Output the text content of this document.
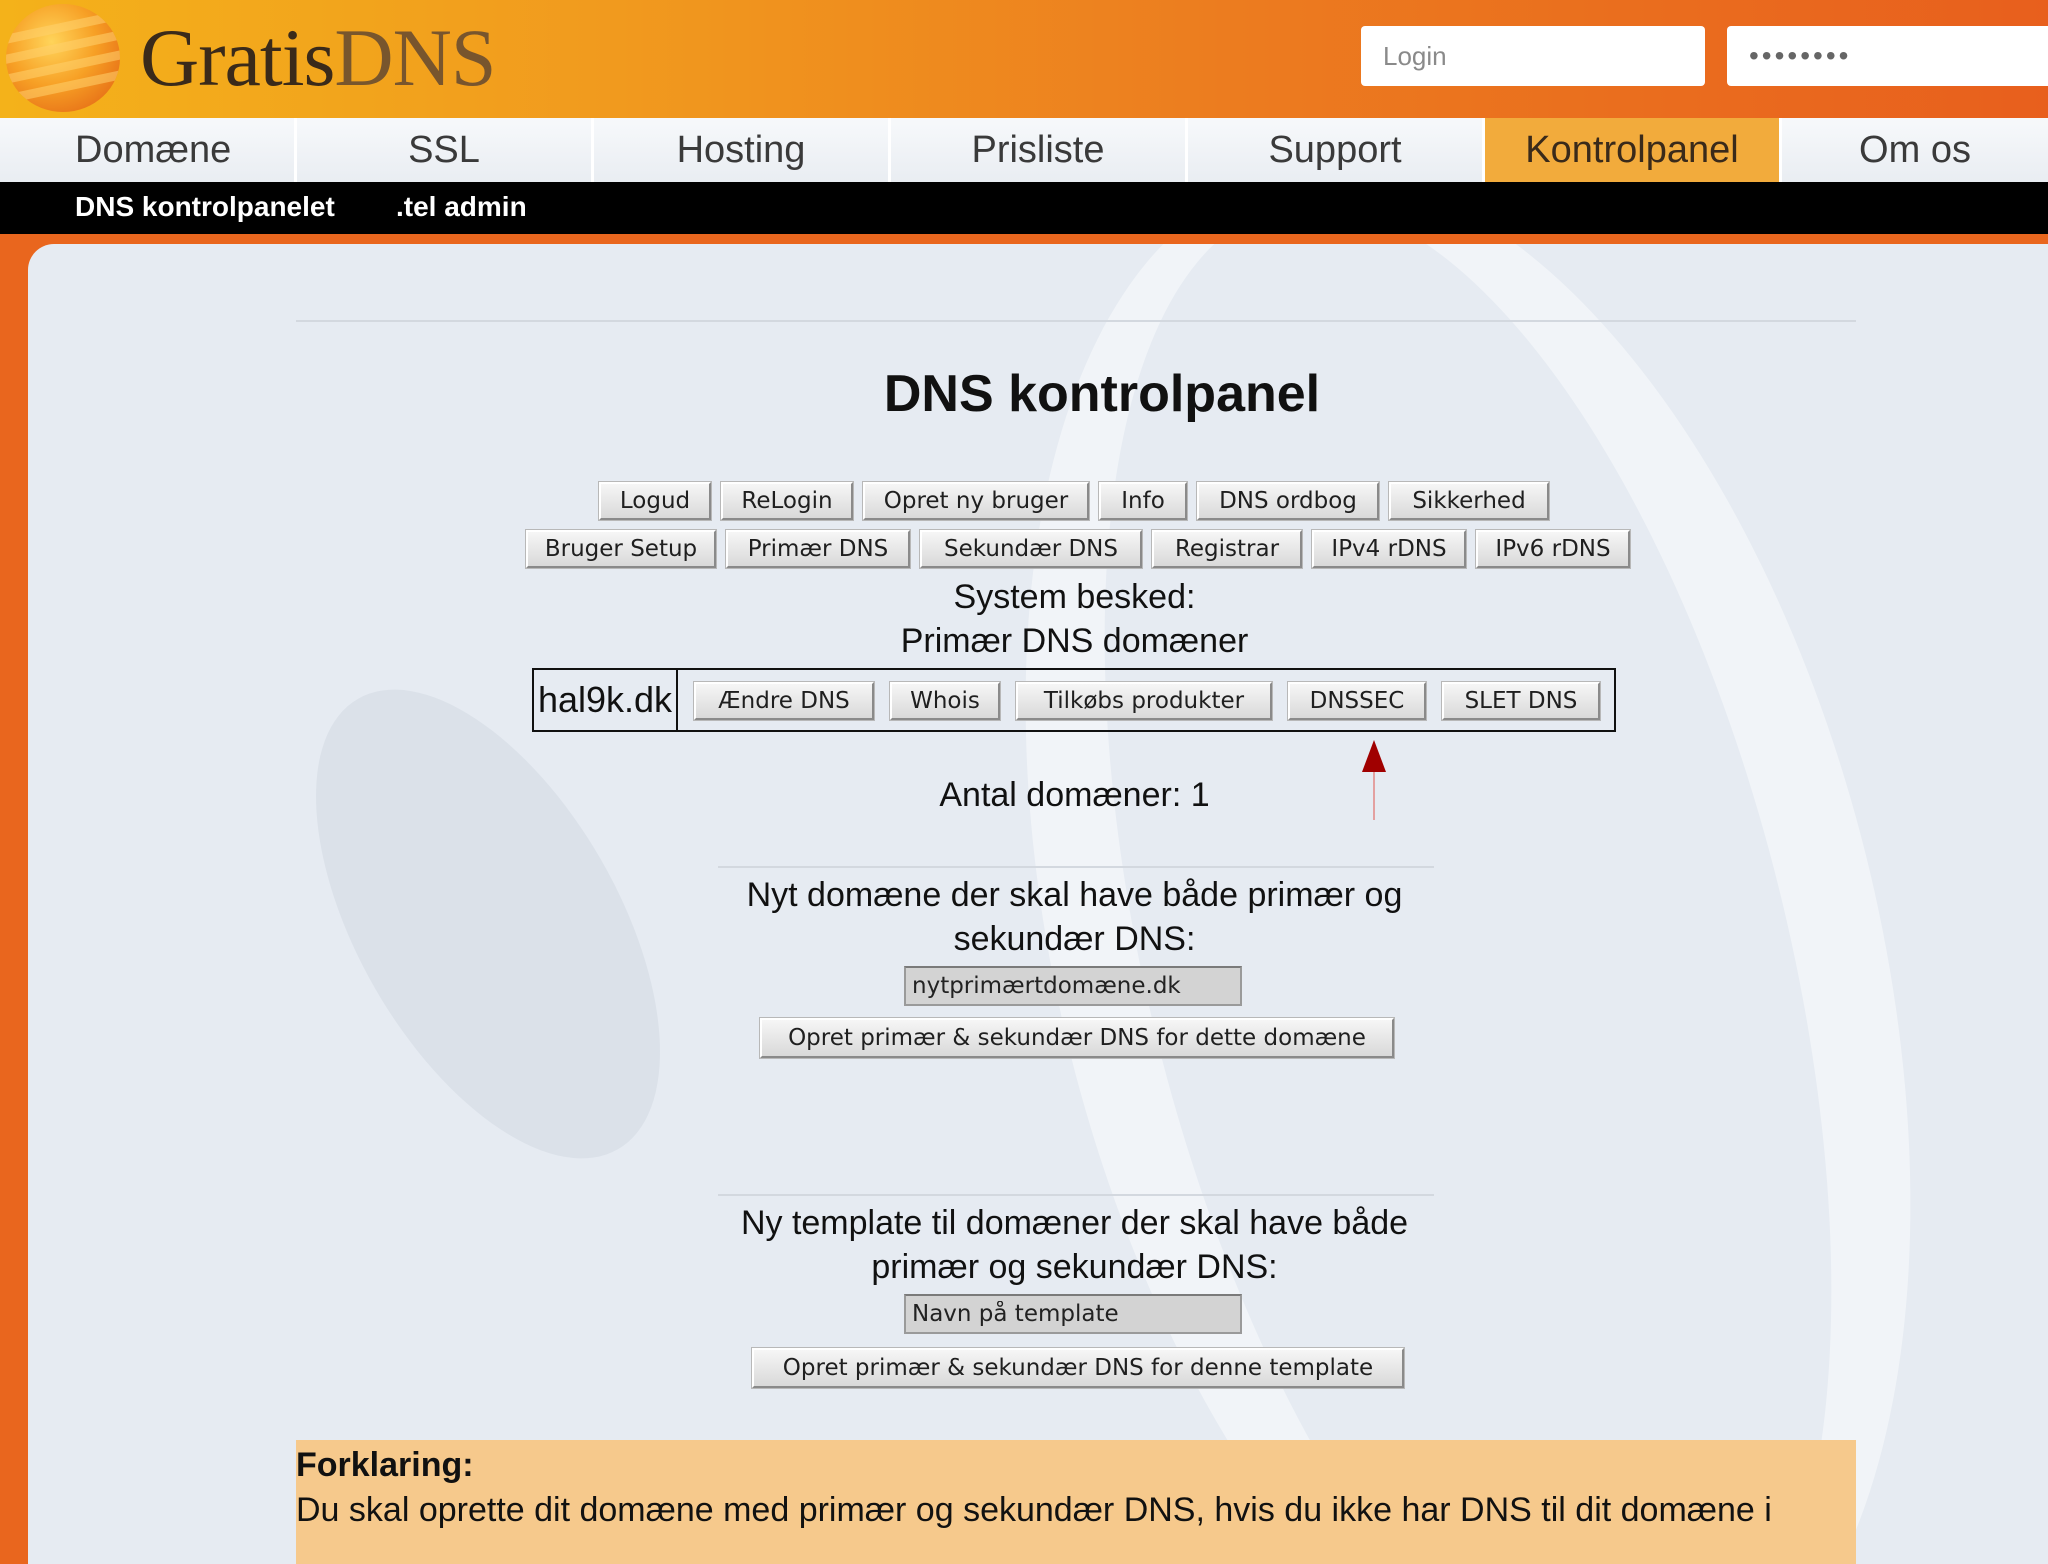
GratisDNS
Login
••••••••
Domæne	SSL	Hosting	Prisliste	Support	Kontrolpanel	Om os
DNS kontrolpanelet .tel admin
DNS kontrolpanel
Logud	ReLogin	Opret ny bruger	Info	DNS ordbog	Sikkerhed
Bruger Setup	Primær DNS	Sekundær DNS	Registrar	IPv4 rDNS	IPv6 rDNS
System besked:
Primær DNS domæner
hal9k.dk	Ændre DNS	Whois	Tilkøbs produkter	DNSSEC	SLET DNS
Antal domæner: 1
Nyt domæne der skal have både primær og
sekundær DNS:
nytprimærtdomæne.dk
Opret primær & sekundær DNS for dette domæne
Ny template til domæner der skal have både
primær og sekundær DNS:
Navn på template
Opret primær & sekundær DNS for denne template
Forklaring:
Du skal oprette dit domæne med primær og sekundær DNS, hvis du ikke har DNS til dit domæne i
